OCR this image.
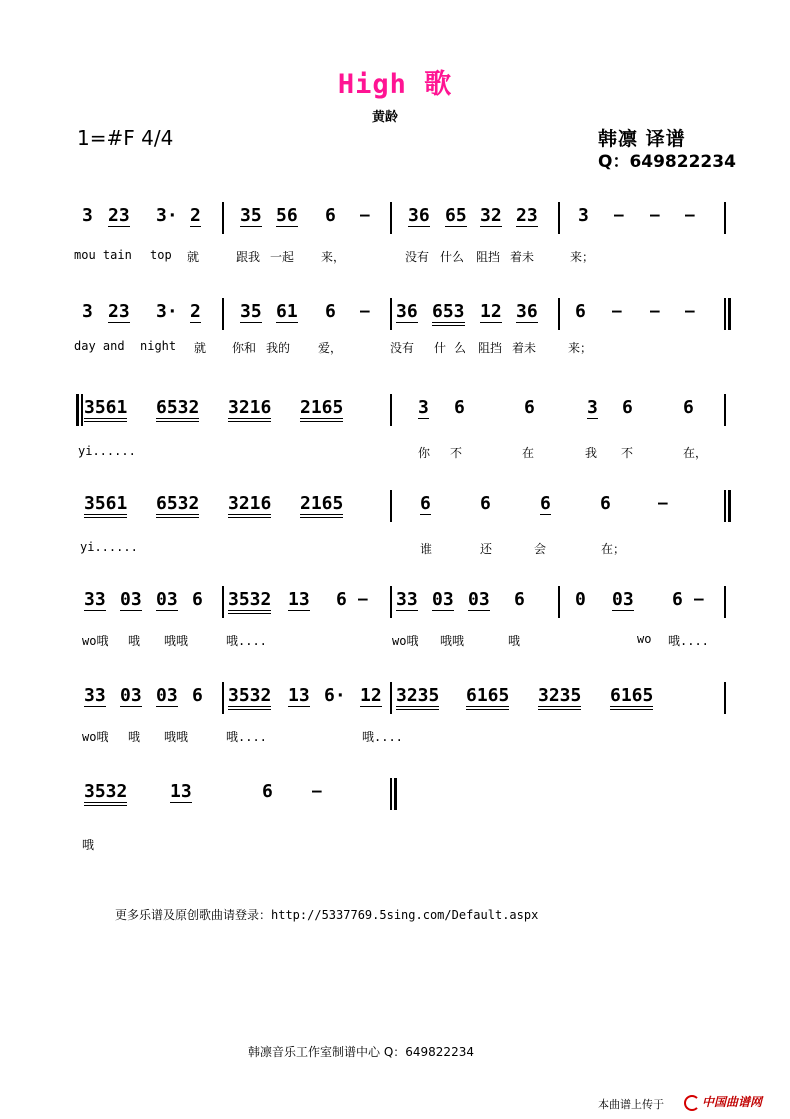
High 歌
黄龄
1=#F 4/4	韩凛 译谱
Q：649822234
3 23 3· 2 35 56 6 – 36 65 32 23 3 – – –
mou tain top 就	跟我 一起 来，	没有 什么 阻挡 着未	来；
3 23 3· 2 35 61 6 – 36 653 12 36 6 – – –
day and night 就 你和 我的 爱，	没有 什 么 阻挡 着未	来；
3561 6532 3216 2165	3 6	6	3 6	6
yi......	你 不	在	我 不	在，
3561 6532 3216 2165	6	6	6	6	–
yi......	谁	还	会	在；
33 03 03 6 3532 13 6 – 33 03 03 6	0 03 6 –
wo哦 哦 哦哦	哦....	wo哦 哦哦	哦	wo 哦....
33 03 03 6 3532 13 6· 12 3235 6165 3235 6165
wo哦 哦 哦哦	哦....	哦....
3532 13	6 –
哦
更多乐谱及原创歌曲请登录：http://5337769.5sing.com/Default.aspx
韩凛音乐工作室制谱中心 Q：649822234
本曲谱上传于	中国曲谱网
